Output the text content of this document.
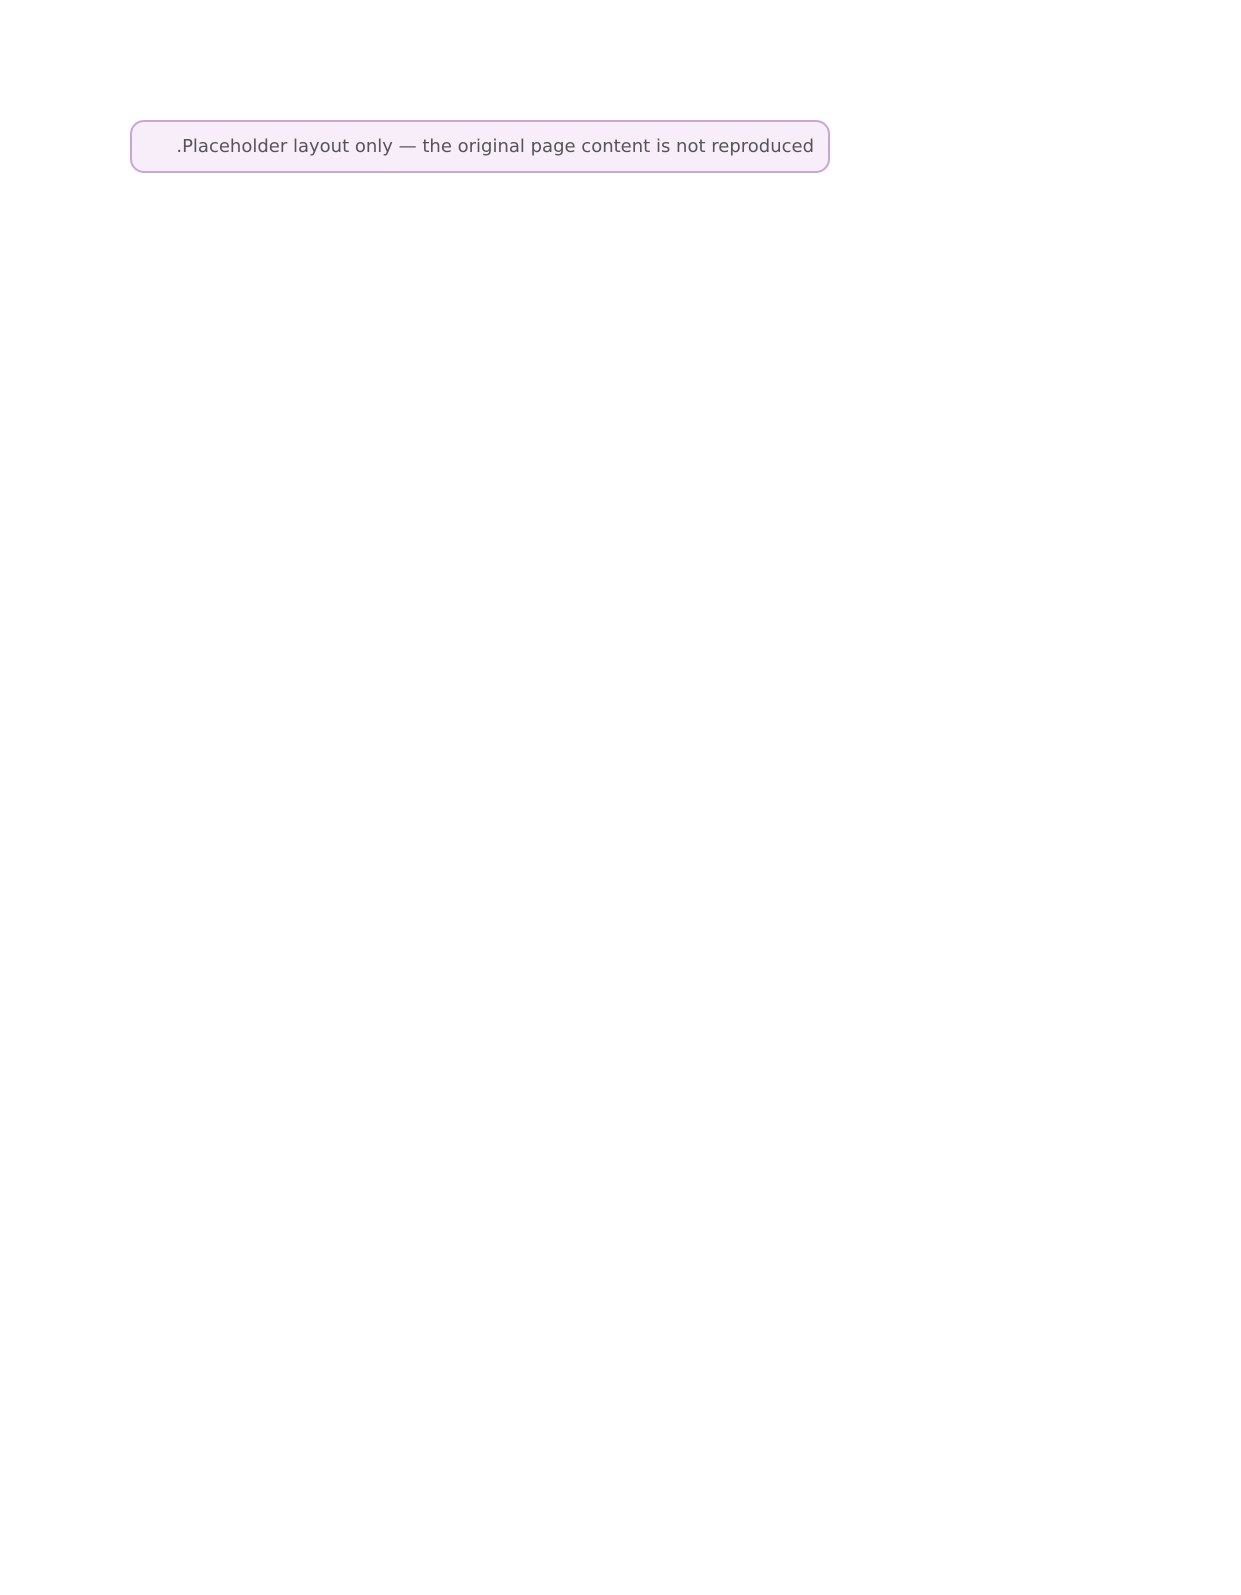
Placeholder layout only — the original page content is not reproduced.
